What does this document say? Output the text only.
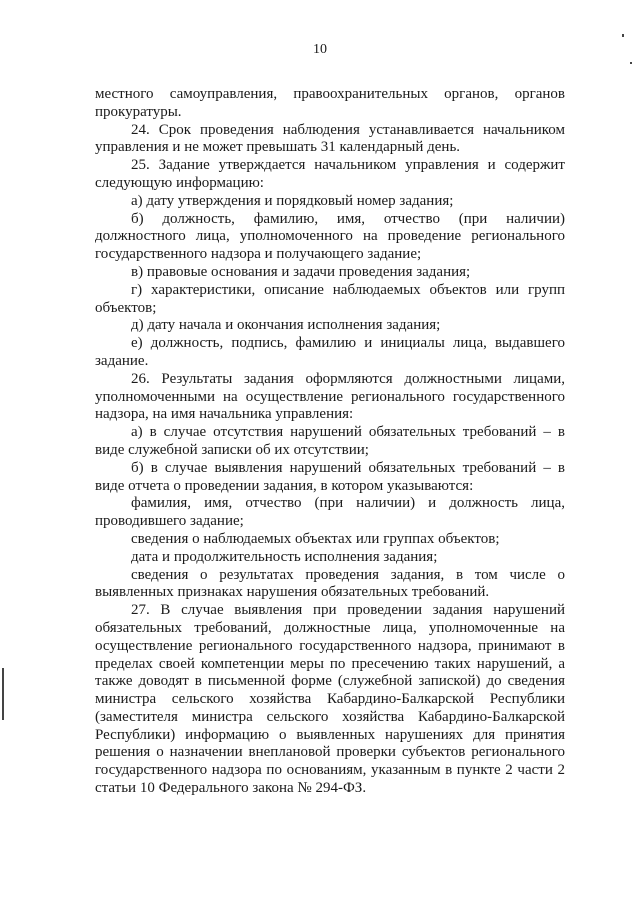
10

местного самоуправления, правоохранительных органов, органов прокуратуры.

24. Срок проведения наблюдения устанавливается начальником управления и не может превышать 31 календарный день.

25. Задание утверждается начальником управления и содержит следующую информацию:

а) дату утверждения и порядковый номер задания;

б) должность, фамилию, имя, отчество (при наличии) должностного лица, уполномоченного на проведение регионального государственного надзора и получающего задание;

в) правовые основания и задачи проведения задания;

г) характеристики, описание наблюдаемых объектов или групп объектов;

д) дату начала и окончания исполнения задания;

е) должность, подпись, фамилию и инициалы лица, выдавшего задание.

26. Результаты задания оформляются должностными лицами, уполномоченными на осуществление регионального государственного надзора, на имя начальника управления:

а) в случае отсутствия нарушений обязательных требований – в виде служебной записки об их отсутствии;

б) в случае выявления нарушений обязательных требований – в виде отчета о проведении задания, в котором указываются:

фамилия, имя, отчество (при наличии) и должность лица, проводившего задание;

сведения о наблюдаемых объектах или группах объектов;

дата и продолжительность исполнения задания;

сведения о результатах проведения задания, в том числе о выявленных признаках нарушения обязательных требований.

27. В случае выявления при проведении задания нарушений обязательных требований, должностные лица, уполномоченные на осуществление регионального государственного надзора, принимают в пределах своей компетенции меры по пресечению таких нарушений, а также доводят в письменной форме (служебной запиской) до сведения министра сельского хозяйства Кабардино-Балкарской Республики (заместителя министра сельского хозяйства Кабардино-Балкарской Республики) информацию о выявленных нарушениях для принятия решения о назначении внеплановой проверки субъектов регионального государственного надзора по основаниям, указанным в пункте 2 части 2 статьи 10 Федерального закона № 294-ФЗ.
